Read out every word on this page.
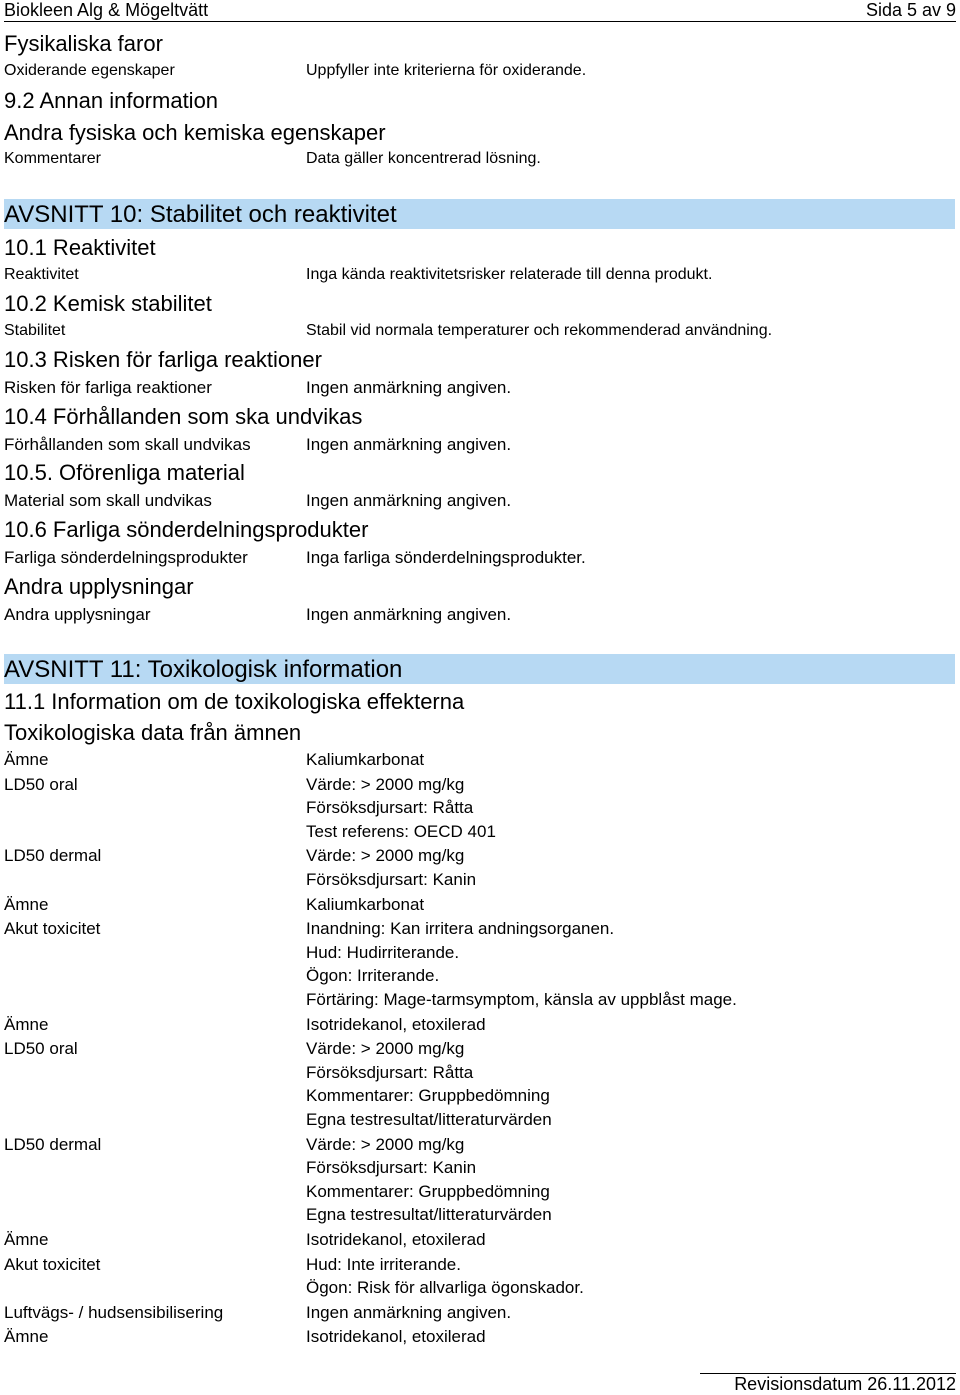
Biokleen Alg & Mögeltvätt	Sida 5 av 9
Fysikaliska faror
Oxiderande egenskaper	Uppfyller inte kriterierna för oxiderande.
9.2 Annan information
Andra fysiska och kemiska egenskaper
Kommentarer	Data gäller koncentrerad lösning.
AVSNITT 10: Stabilitet och reaktivitet
10.1 Reaktivitet
Reaktivitet	Inga kända reaktivitetsrisker relaterade till denna produkt.
10.2 Kemisk stabilitet
Stabilitet	Stabil vid normala temperaturer och rekommenderad användning.
10.3 Risken för farliga reaktioner
Risken för farliga reaktioner	Ingen anmärkning angiven.
10.4 Förhållanden som ska undvikas
Förhållanden som skall undvikas	Ingen anmärkning angiven.
10.5. Oförenliga material
Material som skall undvikas	Ingen anmärkning angiven.
10.6 Farliga sönderdelningsprodukter
Farliga sönderdelningsprodukter	Inga farliga sönderdelningsprodukter.
Andra upplysningar
Andra upplysningar	Ingen anmärkning angiven.
AVSNITT 11: Toxikologisk information
11.1 Information om de toxikologiska effekterna
Toxikologiska data från ämnen
Ämne	Kaliumkarbonat
LD50 oral	Värde: > 2000 mg/kg
Försöksdjursart: Råtta
Test referens: OECD 401
LD50 dermal	Värde: > 2000 mg/kg
Försöksdjursart: Kanin
Ämne	Kaliumkarbonat
Akut toxicitet	Inandning: Kan irritera andningsorganen.
Hud: Hudirriterande.
Ögon: Irriterande.
Förtäring: Mage-tarmsymptom, känsla av uppblåst mage.
Ämne	Isotridekanol, etoxilerad
LD50 oral	Värde: > 2000 mg/kg
Försöksdjursart: Råtta
Kommentarer: Gruppbedömning
Egna testresultat/litteraturvärden
LD50 dermal	Värde: > 2000 mg/kg
Försöksdjursart: Kanin
Kommentarer: Gruppbedömning
Egna testresultat/litteraturvärden
Ämne	Isotridekanol, etoxilerad
Akut toxicitet	Hud: Inte irriterande.
Ögon: Risk för allvarliga ögonskador.
Luftvägs- / hudsensibilisering	Ingen anmärkning angiven.
Ämne	Isotridekanol, etoxilerad
Revisionsdatum 26.11.2012
